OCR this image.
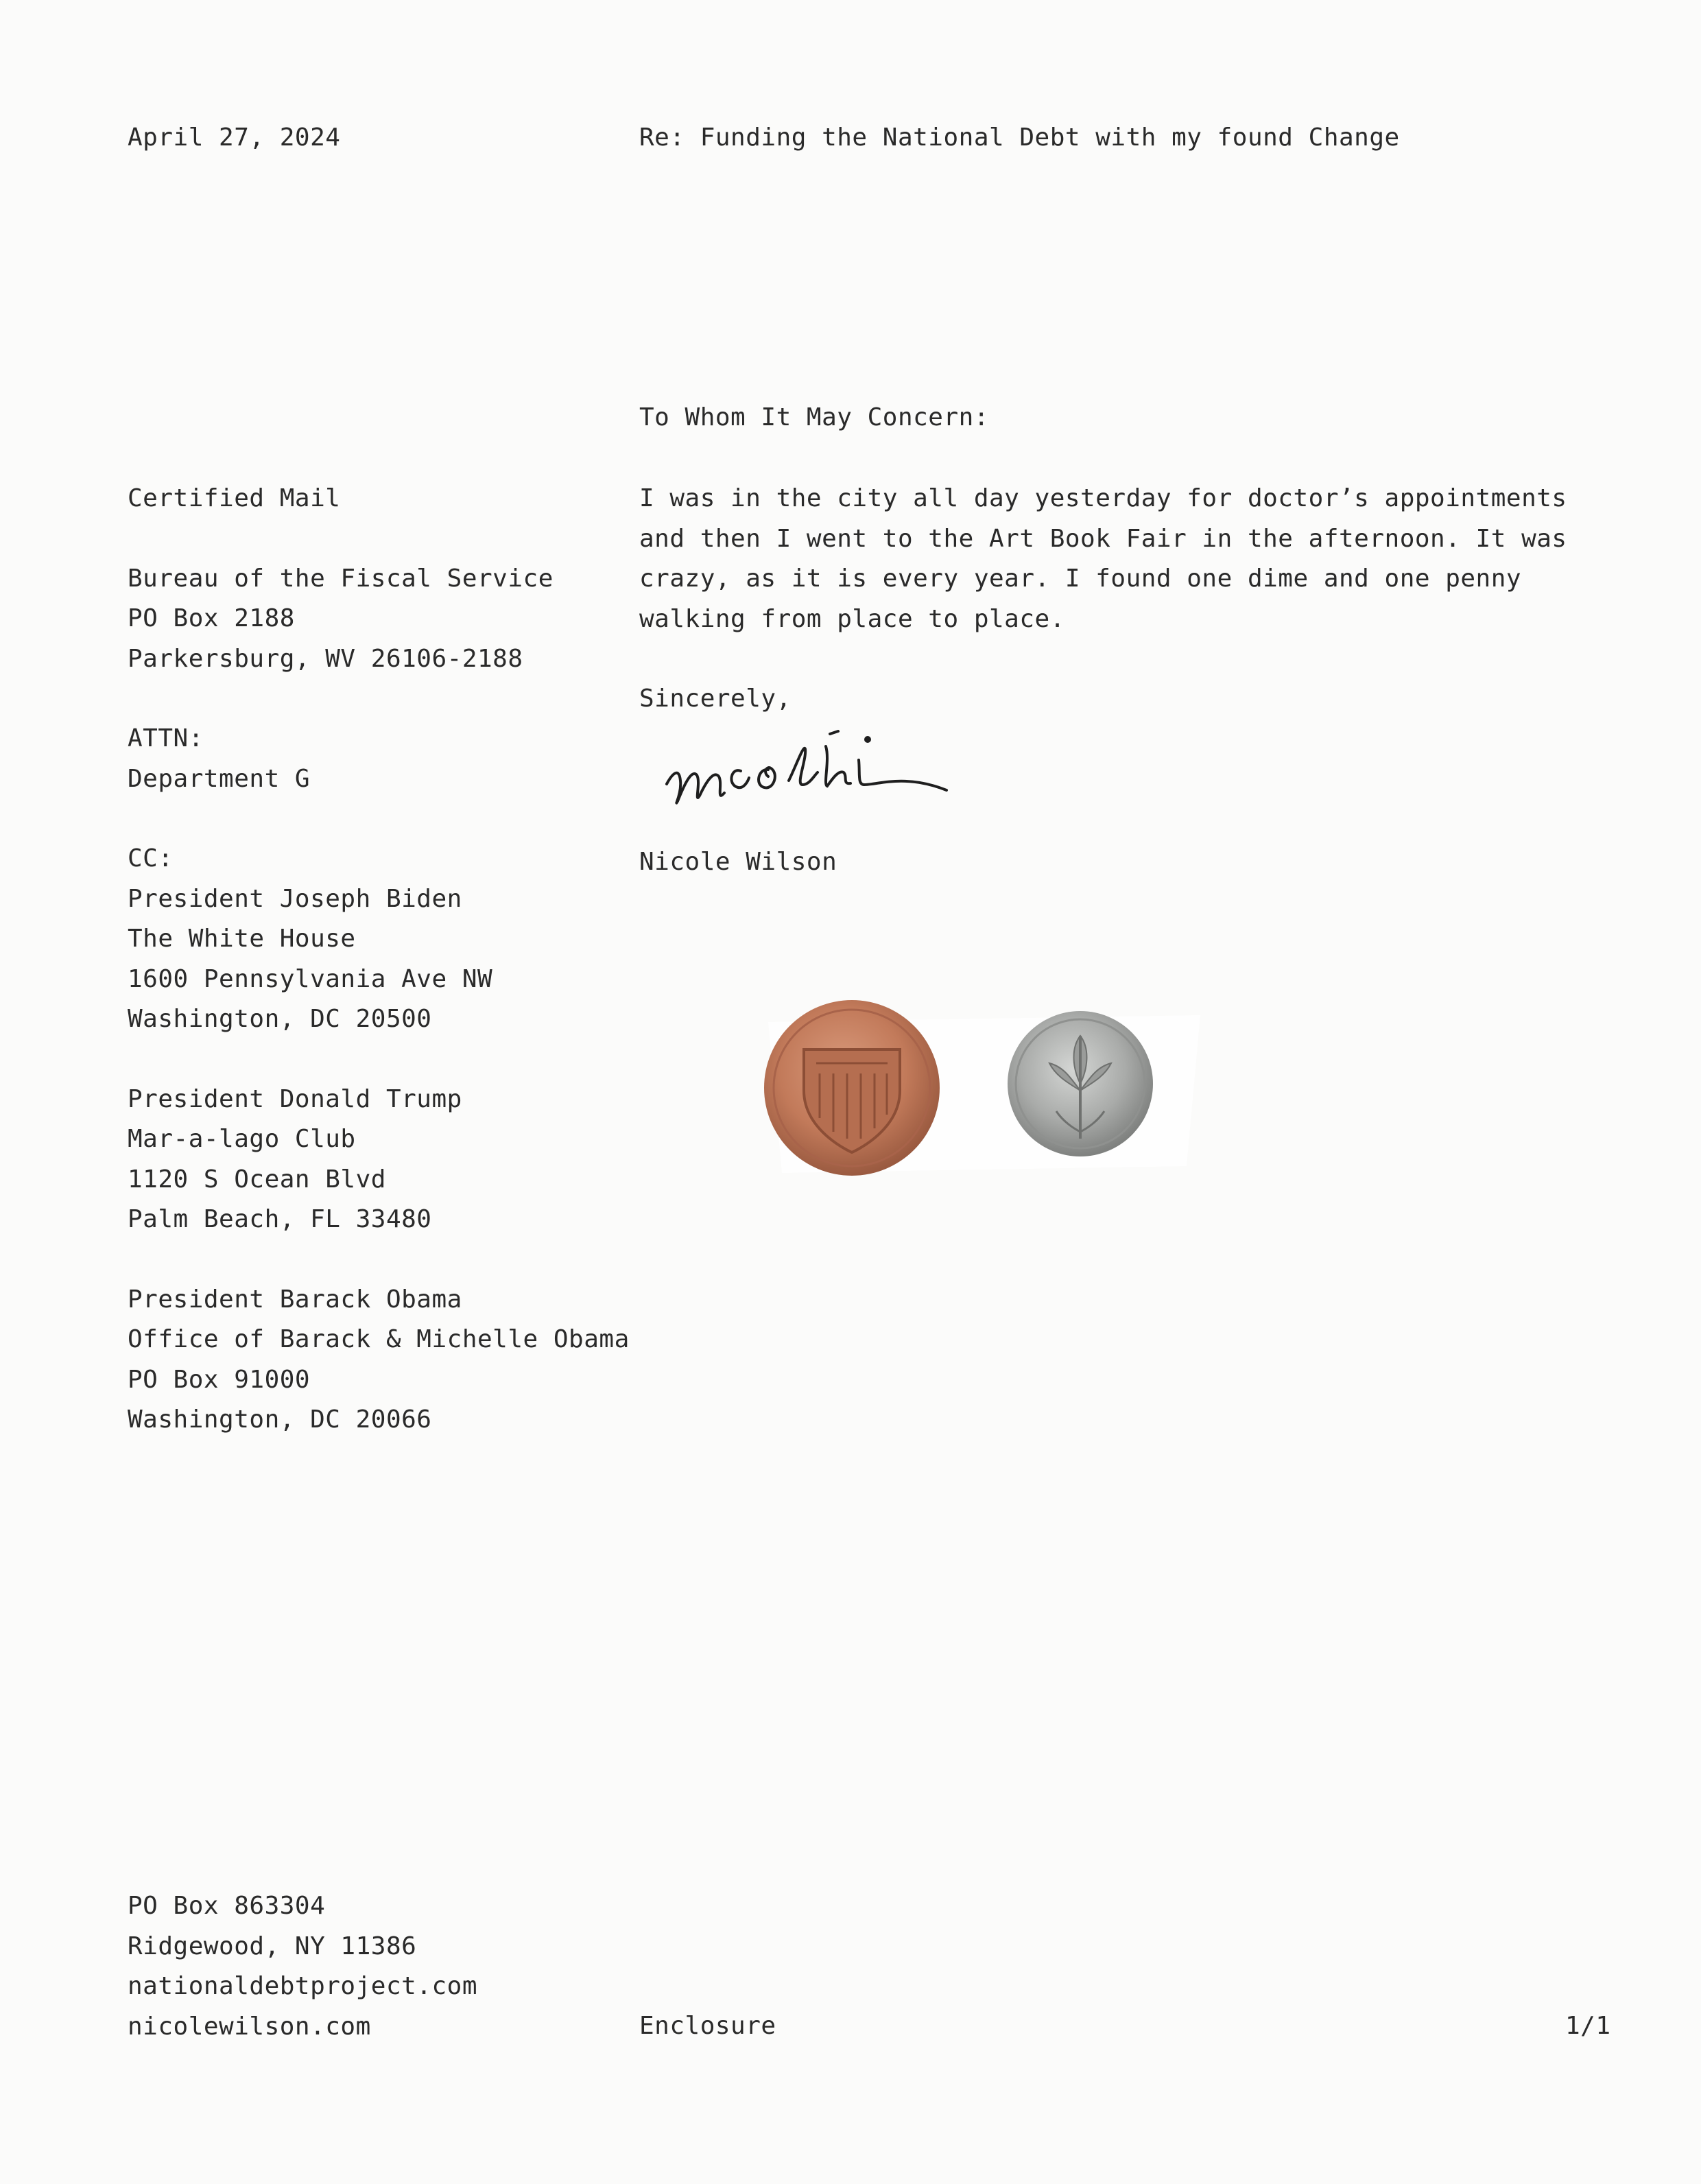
April 27, 2024	Re: Funding the National Debt with my found Change
To Whom It May Concern:
Certified Mail
Bureau of the Fiscal Service
PO Box 2188
Parkersburg, WV 26106-2188
ATTN:
Department G
CC:
President Joseph Biden
The White House
1600 Pennsylvania Ave NW
Washington, DC 20500
President Donald Trump
Mar-a-lago Club
1120 S Ocean Blvd
Palm Beach, FL 33480
President Barack Obama
Office of Barack & Michelle Obama
PO Box 91000
Washington, DC 20066
I was in the city all day yesterday for doctor’s appointments and then I went to the Art Book Fair in the afternoon. It was crazy, as it is every year. I found one dime and one penny walking from place to place.
Sincerely,
Nicole Wilson
PO Box 863304
Ridgewood, NY 11386
nationaldebtproject.com
nicolewilson.com	Enclosure	1/1
